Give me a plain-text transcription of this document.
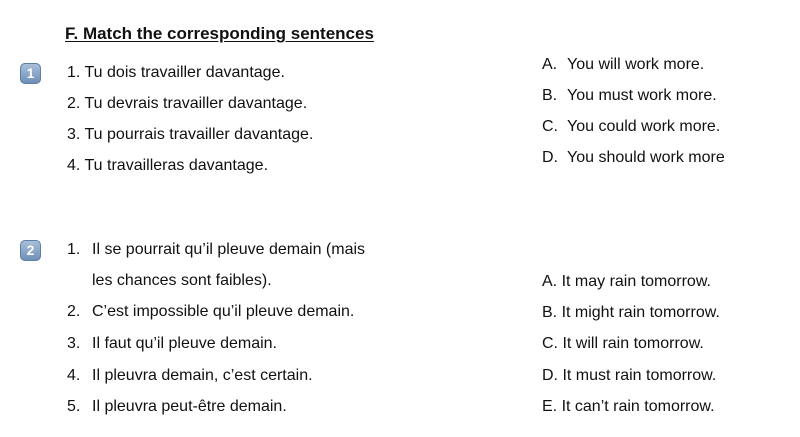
F. Match the corresponding sentences
1	1. Tu dois travailler davantage.
2. Tu devrais travailler davantage.
3. Tu pourrais travailler davantage.
4. Tu travailleras davantage.
A. You will work more.
B. You must work more.
C. You could work more.
D. You should work more
2	1. Il se pourrait qu’il pleuve demain (mais
les chances sont faibles).
2. C’est impossible qu’il pleuve demain.
3. Il faut qu’il pleuve demain.
4. Il pleuvra demain, c’est certain.
5. Il pleuvra peut-être demain.
A. It may rain tomorrow.
B. It might rain tomorrow.
C. It will rain tomorrow.
D. It must rain tomorrow.
E. It can’t rain tomorrow.
